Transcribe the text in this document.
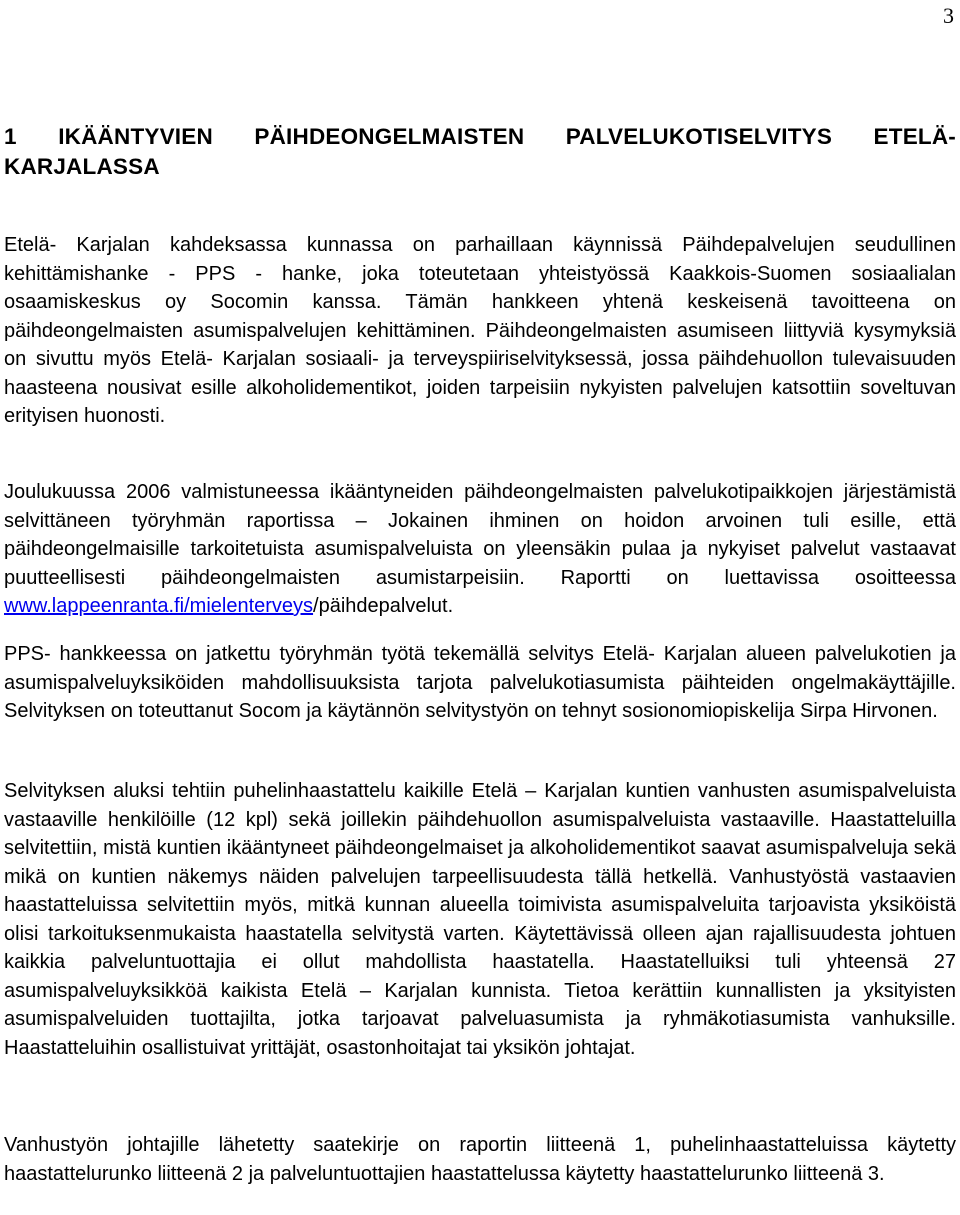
3
1 IKÄÄNTYVIEN PÄIHDEONGELMAISTEN PALVELUKOTISELVITYS ETELÄ-KARJALASSA

Etelä- Karjalan kahdeksassa kunnassa on parhaillaan käynnissä Päihdepalvelujen seudullinen kehittämishanke - PPS - hanke, joka toteutetaan yhteistyössä Kaakkois-Suomen sosiaalialan osaamiskeskus oy Socomin kanssa. Tämän hankkeen yhtenä keskeisenä tavoitteena on päihdeongelmaisten asumispalvelujen kehittäminen. Päihdeongelmaisten asumiseen liittyviä kysymyksiä on sivuttu myös Etelä- Karjalan sosiaali- ja terveyspiiriselvityksessä, jossa päihdehuollon tulevaisuuden haasteena nousivat esille alkoholidementikot, joiden tarpeisiin nykyisten palvelujen katsottiin soveltuvan erityisen huonosti.

Joulukuussa 2006 valmistuneessa ikääntyneiden päihdeongelmaisten palvelukotipaikkojen järjestämistä selvittäneen työryhmän raportissa – Jokainen ihminen on hoidon arvoinen tuli esille, että päihdeongelmaisille tarkoitetuista asumispalveluista on yleensäkin pulaa ja nykyiset palvelut vastaavat puutteellisesti päihdeongelmaisten asumistarpeisiin. Raportti on luettavissa osoitteessa www.lappeenranta.fi/mielenterveys/päihdepalvelut.

PPS- hankkeessa on jatkettu työryhmän työtä tekemällä selvitys Etelä- Karjalan alueen palvelukotien ja asumispalveluyksiköiden mahdollisuuksista tarjota palvelukotiasumista päihteiden ongelmakäyttäjille. Selvityksen on toteuttanut Socom ja käytännön selvitystyön on tehnyt sosionomiopiskelija Sirpa Hirvonen.

Selvityksen aluksi tehtiin puhelinhaastattelu kaikille Etelä – Karjalan kuntien vanhusten asumispalveluista vastaaville henkilöille (12 kpl) sekä joillekin päihdehuollon asumispalveluista vastaaville. Haastatteluilla selvitettiin, mistä kuntien ikääntyneet päihdeongelmaiset ja alkoholidementikot saavat asumispalveluja sekä mikä on kuntien näkemys näiden palvelujen tarpeellisuudesta tällä hetkellä. Vanhustyöstä vastaavien haastatteluissa selvitettiin myös, mitkä kunnan alueella toimivista asumispalveluita tarjoavista yksiköistä olisi tarkoituksenmukaista haastatella selvitystä varten. Käytettävissä olleen ajan rajallisuudesta johtuen kaikkia palveluntuottajia ei ollut mahdollista haastatella. Haastatelluiksi tuli yhteensä 27 asumispalveluyksikköä kaikista Etelä – Karjalan kunnista. Tietoa kerättiin kunnallisten ja yksityisten asumispalveluiden tuottajilta, jotka tarjoavat palveluasumista ja ryhmäkotiasumista vanhuksille. Haastatteluihin osallistuivat yrittäjät, osastonhoitajat tai yksikön johtajat.

Vanhustyön johtajille lähetetty saatekirje on raportin liitteenä 1, puhelinhaastatteluissa käytetty haastattelurunko liitteenä 2 ja palveluntuottajien haastattelussa käytetty haastattelurunko liitteenä 3.
